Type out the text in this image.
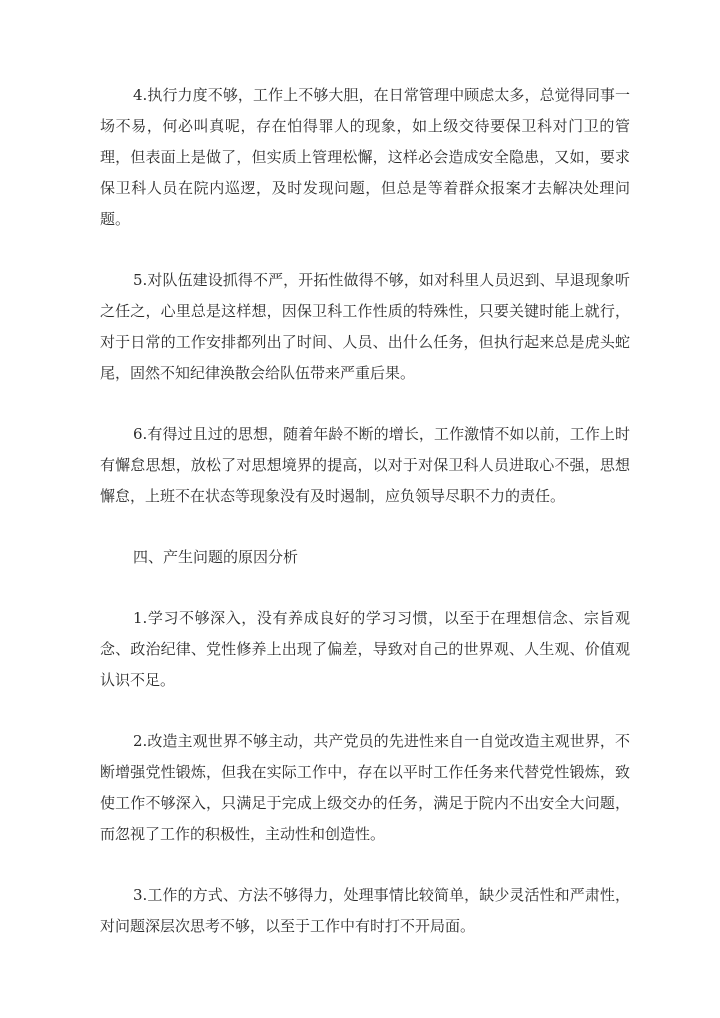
4.执行力度不够，工作上不够大胆，在日常管理中顾虑太多，总觉得同事一场不易，何必叫真呢，存在怕得罪人的现象，如上级交待要保卫科对门卫的管理，但表面上是做了，但实质上管理松懈，这样必会造成安全隐患，又如，要求保卫科人员在院内巡逻，及时发现问题，但总是等着群众报案才去解决处理问题。

5.对队伍建设抓得不严，开拓性做得不够，如对科里人员迟到、早退现象听之任之，心里总是这样想，因保卫科工作性质的特殊性，只要关键时能上就行，对于日常的工作安排都列出了时间、人员、出什么任务，但执行起来总是虎头蛇尾，固然不知纪律涣散会给队伍带来严重后果。

6.有得过且过的思想，随着年龄不断的增长，工作激情不如以前，工作上时有懈怠思想，放松了对思想境界的提高，以对于对保卫科人员进取心不强，思想懈怠，上班不在状态等现象没有及时遏制，应负领导尽职不力的责任。

四、产生问题的原因分析

1.学习不够深入，没有养成良好的学习习惯，以至于在理想信念、宗旨观念、政治纪律、党性修养上出现了偏差，导致对自己的世界观、人生观、价值观认识不足。

2.改造主观世界不够主动，共产党员的先进性来自一自觉改造主观世界，不断增强党性锻炼，但我在实际工作中，存在以平时工作任务来代替党性锻炼，致使工作不够深入，只满足于完成上级交办的任务，满足于院内不出安全大问题，而忽视了工作的积极性，主动性和创造性。

3.工作的方式、方法不够得力，处理事情比较简单，缺少灵活性和严肃性，对问题深层次思考不够，以至于工作中有时打不开局面。
